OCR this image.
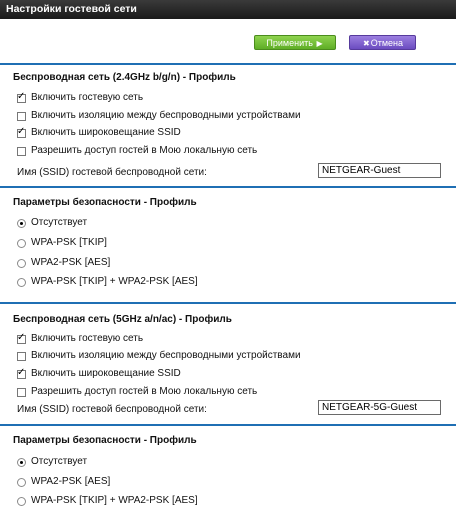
Настройки гостевой сети
Применить ▶	✖Отмена
Беспроводная сеть (2.4GHz b/g/n) - Профиль
✓
Включить гостевую сеть
Включить изоляцию между беспроводными устройствами
✓
Включить широковещание SSID
Разрешить доступ гостей в Мою локальную сеть
Имя (SSID) гостевой беспроводной сети:
NETGEAR-Guest
Параметры безопасности - Профиль
Отсутствует
WPA-PSK [TKIP]
WPA2-PSK [AES]
WPA-PSK [TKIP] + WPA2-PSK [AES]
Беспроводная сеть (5GHz a/n/ac) - Профиль
✓
Включить гостевую сеть
Включить изоляцию между беспроводными устройствами
✓
Включить широковещание SSID
Разрешить доступ гостей в Мою локальную сеть
Имя (SSID) гостевой беспроводной сети:
NETGEAR-5G-Guest
Параметры безопасности - Профиль
Отсутствует
WPA2-PSK [AES]
WPA-PSK [TKIP] + WPA2-PSK [AES]
